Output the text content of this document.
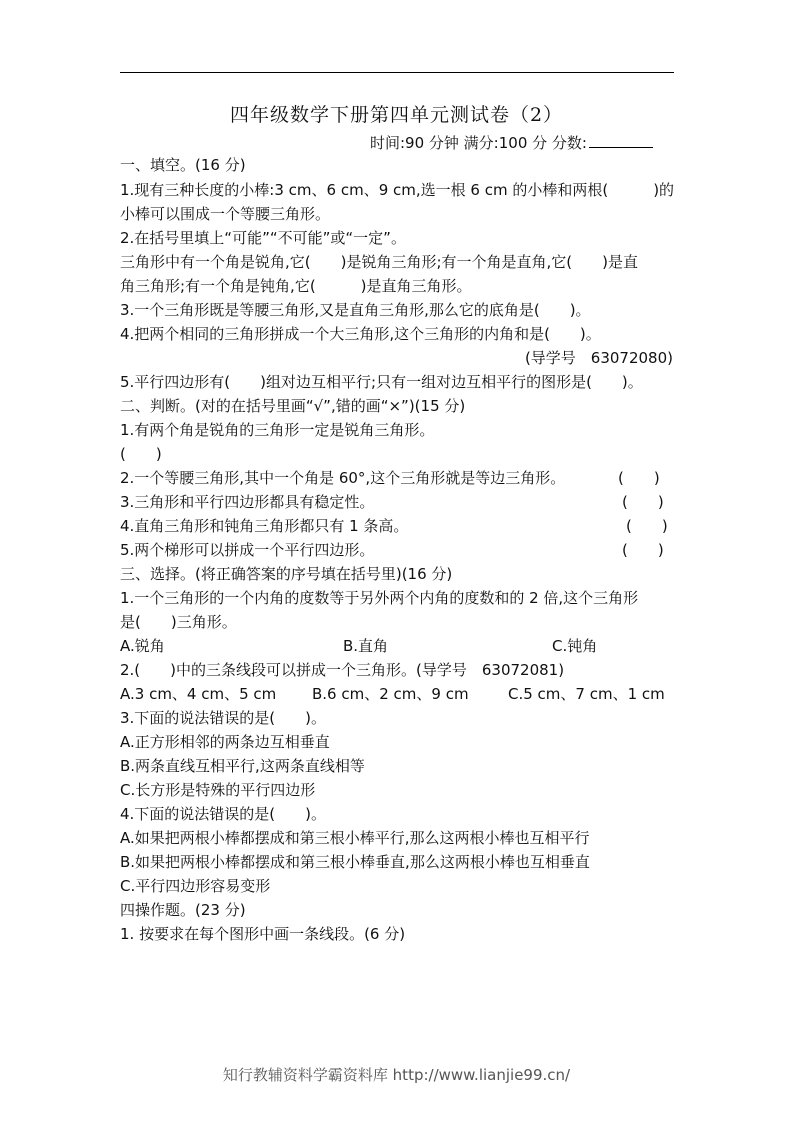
四年级数学下册第四单元测试卷（2）
时间:90 分钟 满分:100 分 分数:
一、填空。(16 分)
1.现有三种长度的小棒:3 cm、6 cm、9 cm,选一根 6 cm 的小棒和两根(　　　)的
小棒可以围成一个等腰三角形。
2.在括号里填上“可能”“不可能”或“一定”。
三角形中有一个角是锐角,它(　　)是锐角三角形;有一个角是直角,它(　　)是直
角三角形;有一个角是钝角,它(　　　)是直角三角形。
3.一个三角形既是等腰三角形,又是直角三角形,那么它的底角是(　　)。
4.把两个相同的三角形拼成一个大三角形,这个三角形的内角和是(　　)。
(导学号　63072080)
5.平行四边形有(　　)组对边互相平行;只有一组对边互相平行的图形是(　　)。
二、判断。(对的在括号里画“√”,错的画“×”)(15 分)
1.有两个角是锐角的三角形一定是锐角三角形。
(　　)
2.一个等腰三角形,其中一个角是 60°,这个三角形就是等边三角形。	(　　)
3.三角形和平行四边形都具有稳定性。	(　　)
4.直角三角形和钝角三角形都只有 1 条高。	(　　)
5.两个梯形可以拼成一个平行四边形。	(　　)
三、选择。(将正确答案的序号填在括号里)(16 分)
1.一个三角形的一个内角的度数等于另外两个内角的度数和的 2 倍,这个三角形
是(　　)三角形。
A.锐角	B.直角	C.钝角
2.(　　)中的三条线段可以拼成一个三角形。(导学号　63072081)
A.3 cm、4 cm、5 cm B.6 cm、2 cm、9 cm	C.5 cm、7 cm、1 cm
3.下面的说法错误的是(　　)。
A.正方形相邻的两条边互相垂直
B.两条直线互相平行,这两条直线相等
C.长方形是特殊的平行四边形
4.下面的说法错误的是(　　)。
A.如果把两根小棒都摆成和第三根小棒平行,那么这两根小棒也互相平行
B.如果把两根小棒都摆成和第三根小棒垂直,那么这两根小棒也互相垂直
C.平行四边形容易变形
四操作题。(23 分)
1. 按要求在每个图形中画一条线段。(6 分)
知行教辅资料学霸资料库 http://www.lianjie99.cn/
